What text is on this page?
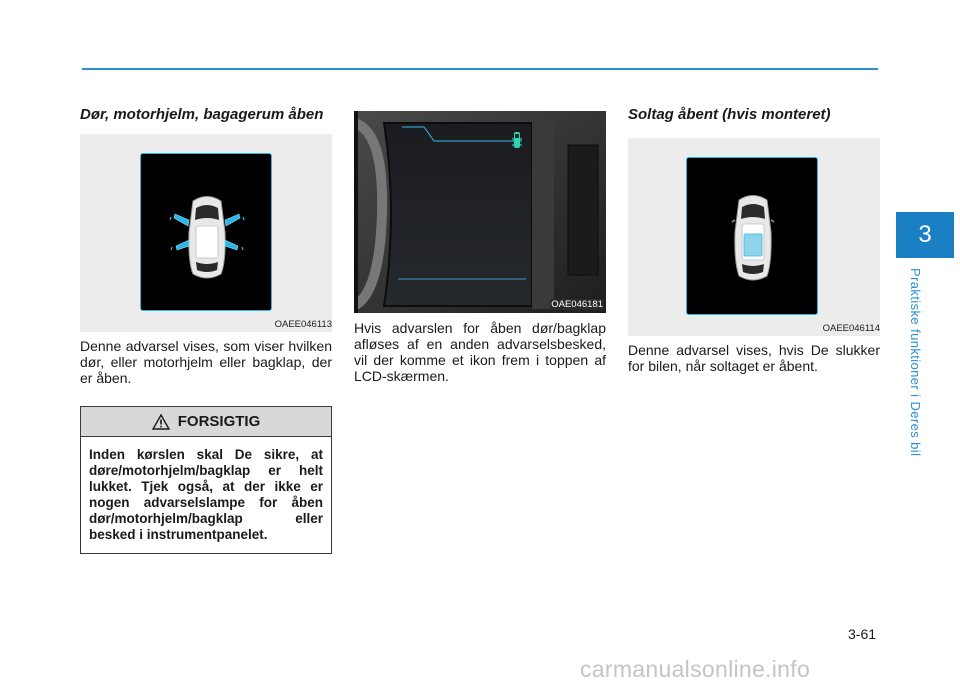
3
Praktiske funktioner i Deres bil
Dør, motorhjelm, bagagerum åben
OAEE046113
Denne advarsel vises, som viser hvilken dør, eller motorhjelm eller bagklap, der er åben.
FORSIGTIG
Inden kørslen skal De sikre, at døre/motorhjelm/bagklap er helt lukket. Tjek også, at der ikke er nogen advarselslampe for åben dør/motorhjelm/bagklap eller besked i instrumentpanelet.
OAE046181
Hvis advarslen for åben dør/bagklap afløses af en anden advarselsbesked, vil der komme et ikon frem i toppen af LCD-skærmen.
Soltag åbent (hvis monteret)
OAEE046114
Denne advarsel vises, hvis De slukker for bilen, når soltaget er åbent.
3-61
carmanualsonline.info
